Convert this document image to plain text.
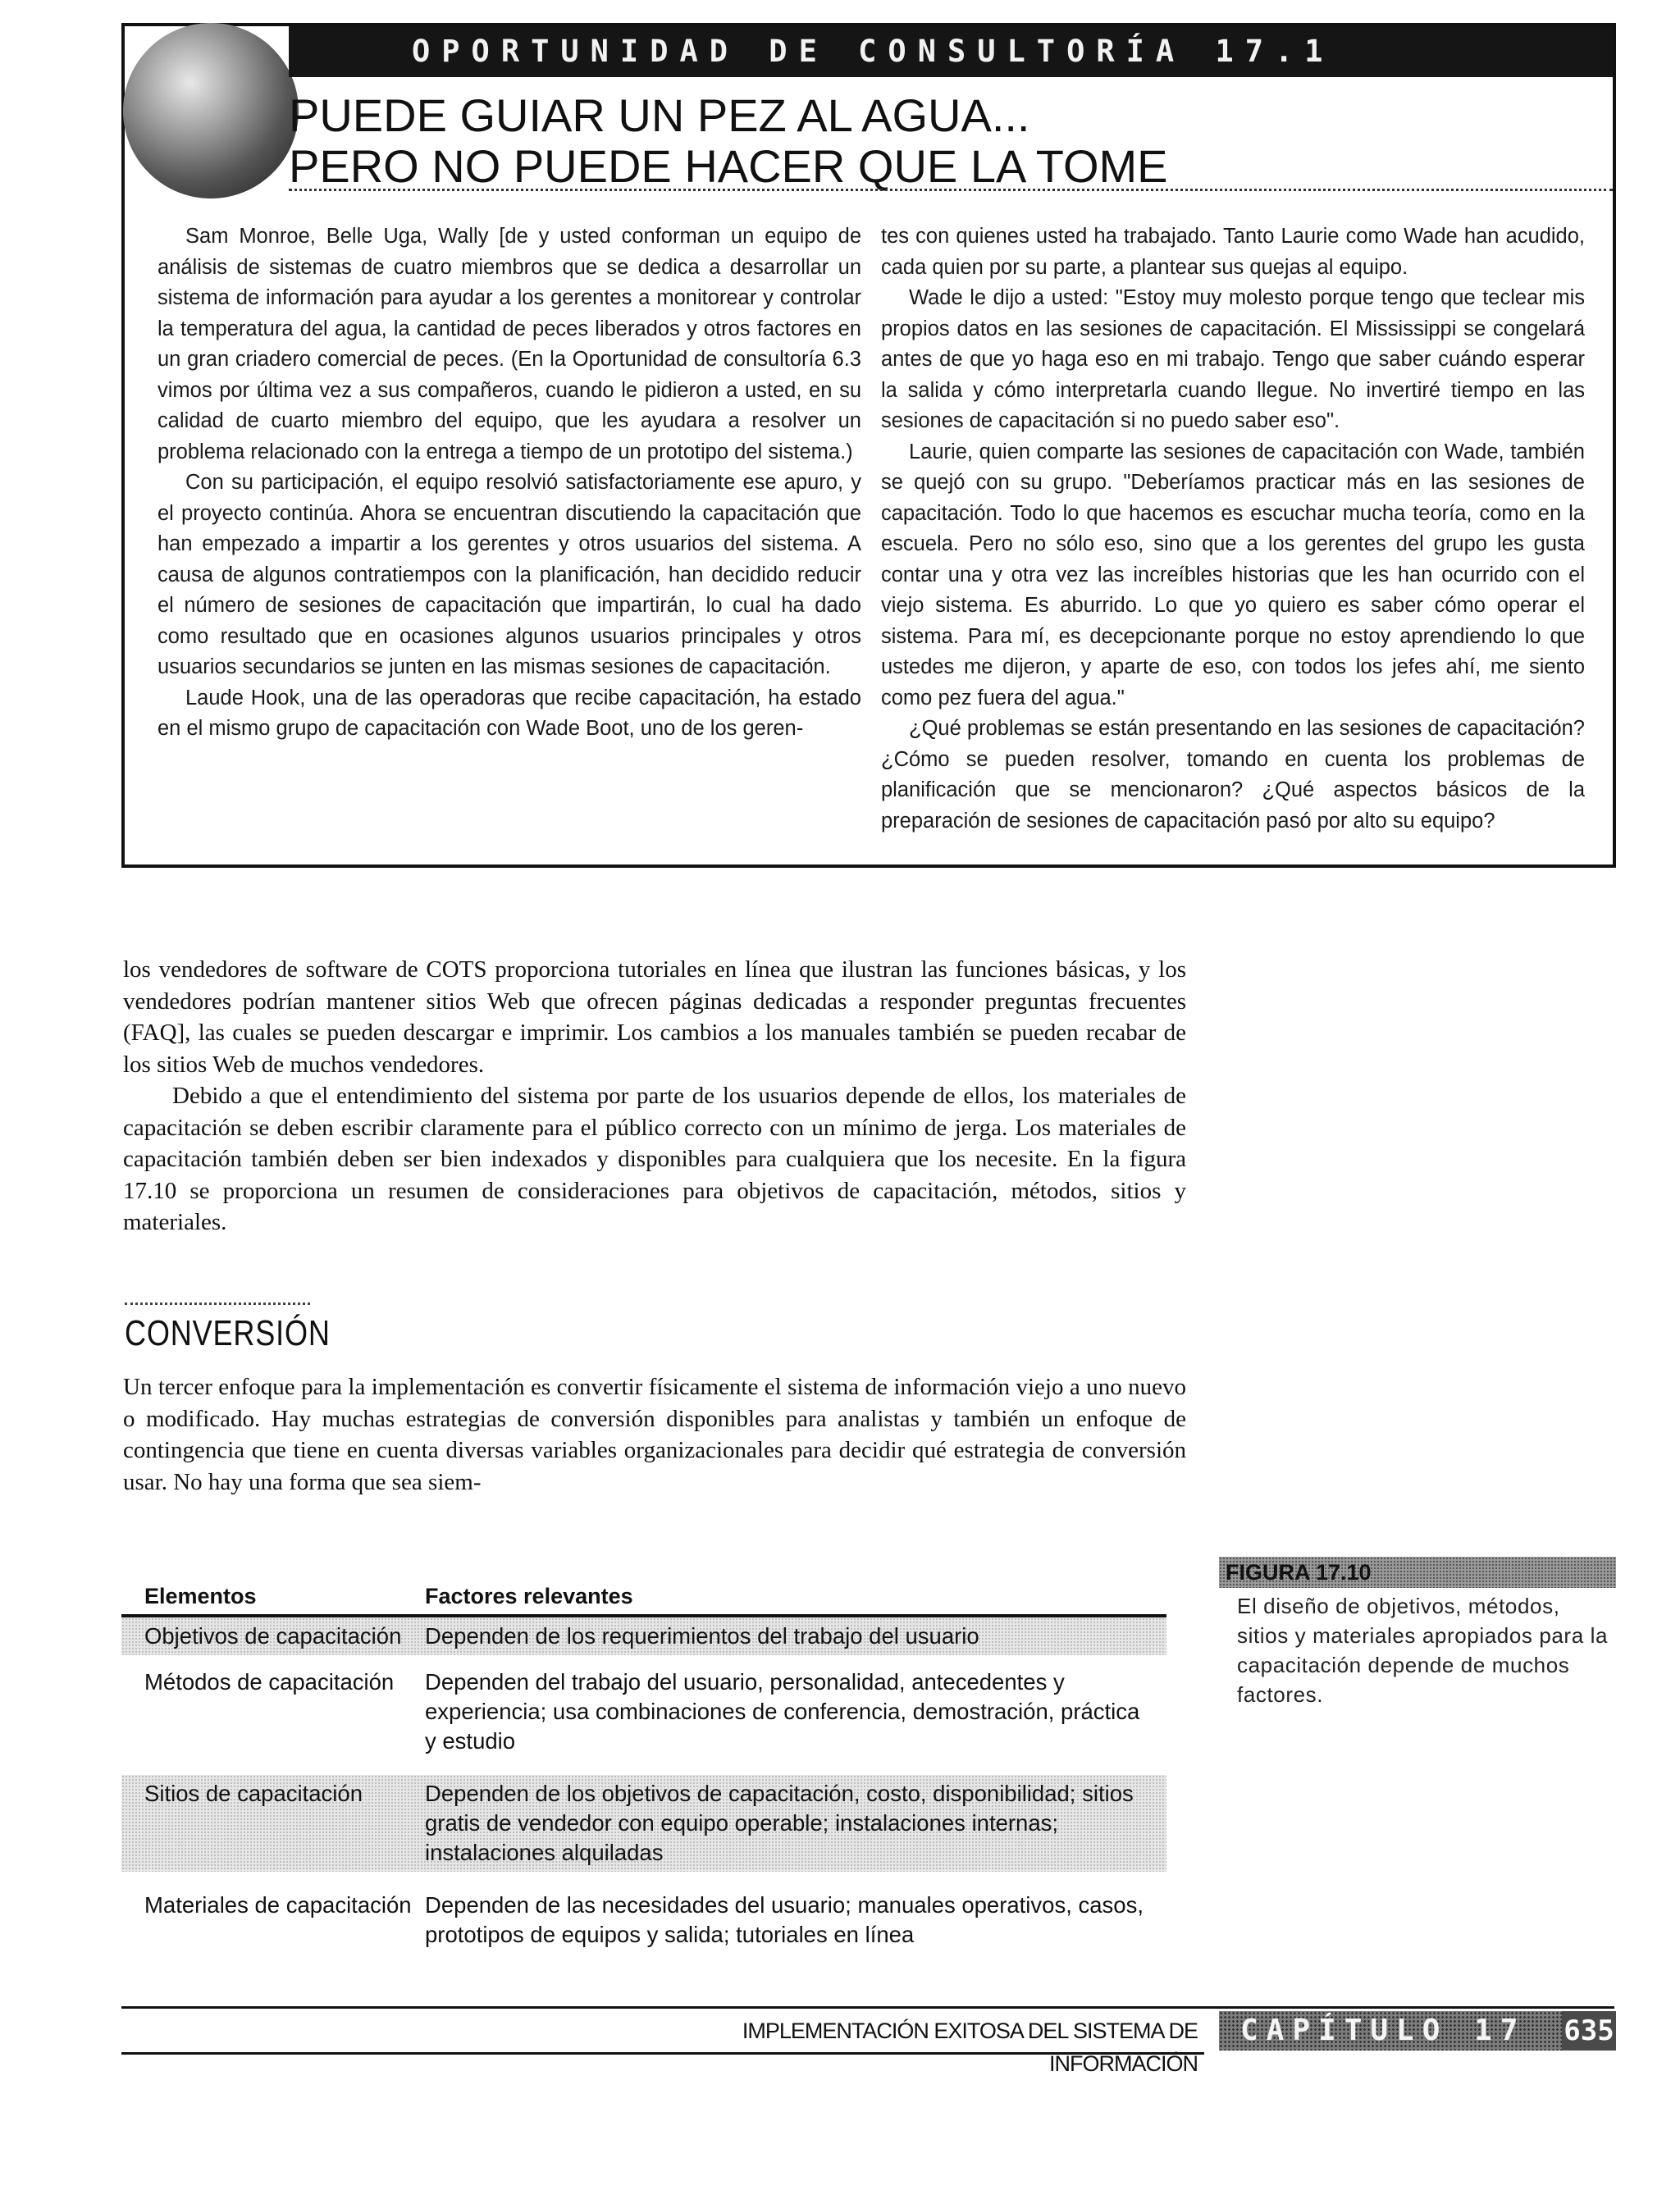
OPORTUNIDAD DE CONSULTORÍA 17.1
PUEDE GUIAR UN PEZ AL AGUA...
PERO NO PUEDE HACER QUE LA TOME

Sam Monroe, Belle Uga, Wally [de y usted conforman un equipo de análisis de sistemas de cuatro miembros que se dedica a desarrollar un sistema de información para ayudar a los gerentes a monitorear y controlar la temperatura del agua, la cantidad de peces liberados y otros factores en un gran criadero comercial de peces. (En la Oportunidad de consultoría 6.3 vimos por última vez a sus compañeros, cuando le pidieron a usted, en su calidad de cuarto miembro del equipo, que les ayudara a resolver un problema relacionado con la entrega a tiempo de un prototipo del sistema.)

Con su participación, el equipo resolvió satisfactoriamente ese apuro, y el proyecto continúa. Ahora se encuentran discutiendo la capacitación que han empezado a impartir a los gerentes y otros usuarios del sistema. A causa de algunos contratiempos con la planificación, han decidido reducir el número de sesiones de capacitación que impartirán, lo cual ha dado como resultado que en ocasiones algunos usuarios principales y otros usuarios secundarios se junten en las mismas sesiones de capacitación.

Laude Hook, una de las operadoras que recibe capacitación, ha estado en el mismo grupo de capacitación con Wade Boot, uno de los geren-

tes con quienes usted ha trabajado. Tanto Laurie como Wade han acudido, cada quien por su parte, a plantear sus quejas al equipo.

Wade le dijo a usted: "Estoy muy molesto porque tengo que teclear mis propios datos en las sesiones de capacitación. El Mississippi se congelará antes de que yo haga eso en mi trabajo. Tengo que saber cuándo esperar la salida y cómo interpretarla cuando llegue. No invertiré tiempo en las sesiones de capacitación si no puedo saber eso".

Laurie, quien comparte las sesiones de capacitación con Wade, también se quejó con su grupo. "Deberíamos practicar más en las sesiones de capacitación. Todo lo que hacemos es escuchar mucha teoría, como en la escuela. Pero no sólo eso, sino que a los gerentes del grupo les gusta contar una y otra vez las increíbles historias que les han ocurrido con el viejo sistema. Es aburrido. Lo que yo quiero es saber cómo operar el sistema. Para mí, es decepcionante porque no estoy aprendiendo lo que ustedes me dijeron, y aparte de eso, con todos los jefes ahí, me siento como pez fuera del agua."

¿Qué problemas se están presentando en las sesiones de capacitación? ¿Cómo se pueden resolver, tomando en cuenta los problemas de planificación que se mencionaron? ¿Qué aspectos básicos de la preparación de sesiones de capacitación pasó por alto su equipo?

los vendedores de software de COTS proporciona tutoriales en línea que ilustran las funciones básicas, y los vendedores podrían mantener sitios Web que ofrecen páginas dedicadas a responder preguntas frecuentes (FAQ], las cuales se pueden descargar e imprimir. Los cambios a los manuales también se pueden recabar de los sitios Web de muchos vendedores.

Debido a que el entendimiento del sistema por parte de los usuarios depende de ellos, los materiales de capacitación se deben escribir claramente para el público correcto con un mínimo de jerga. Los materiales de capacitación también deben ser bien indexados y disponibles para cualquiera que los necesite. En la figura 17.10 se proporciona un resumen de consideraciones para objetivos de capacitación, métodos, sitios y materiales.

CONVERSIÓN

Un tercer enfoque para la implementación es convertir físicamente el sistema de información viejo a uno nuevo o modificado. Hay muchas estrategias de conversión disponibles para analistas y también un enfoque de contingencia que tiene en cuenta diversas variables organizacionales para decidir qué estrategia de conversión usar. No hay una forma que sea siem-

Elementos	Factores relevantes
Objetivos de capacitación	Dependen de los requerimientos del trabajo del usuario
Métodos de capacitación	Dependen del trabajo del usuario, personalidad, antecedentes y experiencia; usa combinaciones de conferencia, demostración, práctica y estudio
Sitios de capacitación	Dependen de los objetivos de capacitación, costo, disponibilidad; sitios gratis de vendedor con equipo operable; instalaciones internas; instalaciones alquiladas
Materiales de capacitación Dependen de las necesidades del usuario; manuales operativos, casos, prototipos de equipos y salida; tutoriales en línea
FIGURA 17.10
El diseño de objetivos, métodos, sitios y materiales apropiados para la capacitación depende de muchos factores.
IMPLEMENTACIÓN EXITOSA DEL SISTEMA DE INFORMACIÓN
CAPÍTULO 17	635
